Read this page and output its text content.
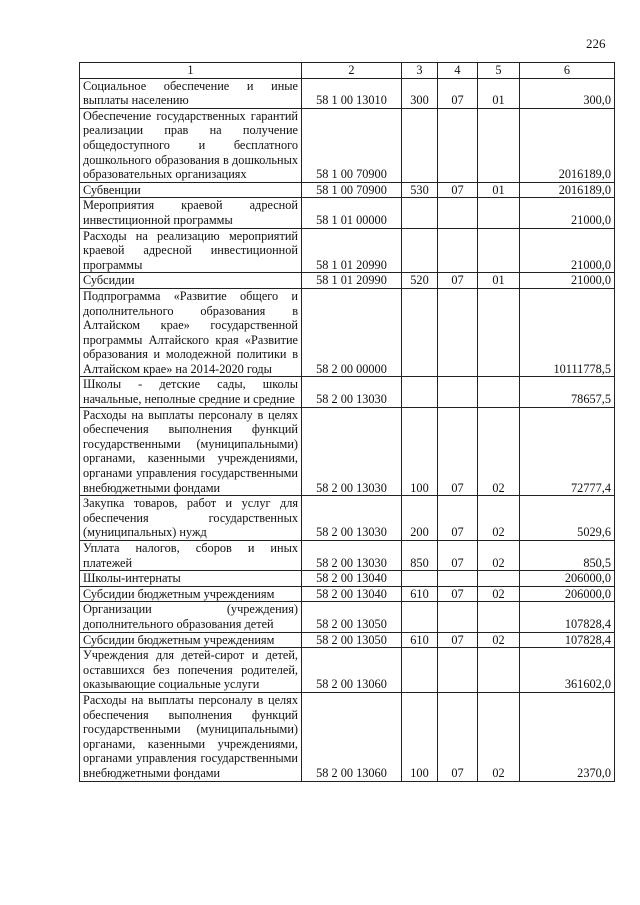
226
1	2	3	4	5	6
Социальное обеспечение и иные выплаты населению	58 1 00 13010	300	07	01	300,0
Обеспечение государственных гарантий реализации прав на получение общедоступного и бесплатного дошкольного образования в дошкольных образовательных организациях	58 1 00 70900				2016189,0
Субвенции	58 1 00 70900	530	07	01	2016189,0
Мероприятия краевой адресной инвестиционной программы	58 1 01 00000				21000,0
Расходы на реализацию мероприятий краевой адресной инвестиционной программы	58 1 01 20990				21000,0
Субсидии	58 1 01 20990	520	07	01	21000,0
Подпрограмма «Развитие общего и дополнительного образования в Алтайском крае» государственной программы Алтайского края «Развитие образования и молодежной политики в Алтайском крае» на 2014-2020 годы	58 2 00 00000				10111778,5
Школы - детские сады, школы начальные, неполные средние и средние	58 2 00 13030				78657,5
Расходы на выплаты персоналу в целях обеспечения выполнения функций государственными (муниципальными) органами, казенными учреждениями, органами управления государственными внебюджетными фондами	58 2 00 13030	100	07	02	72777,4
Закупка товаров, работ и услуг для обеспечения государственных (муниципальных) нужд	58 2 00 13030	200	07	02	5029,6
Уплата налогов, сборов и иных платежей	58 2 00 13030	850	07	02	850,5
Школы-интернаты	58 2 00 13040				206000,0
Субсидии бюджетным учреждениям	58 2 00 13040	610	07	02	206000,0
Организации (учреждения) дополнительного образования детей	58 2 00 13050				107828,4
Субсидии бюджетным учреждениям	58 2 00 13050	610	07	02	107828,4
Учреждения для детей-сирот и детей, оставшихся без попечения родителей, оказывающие социальные услуги	58 2 00 13060				361602,0
Расходы на выплаты персоналу в целях обеспечения выполнения функций государственными (муниципальными) органами, казенными учреждениями, органами управления государственными внебюджетными фондами	58 2 00 13060	100	07	02	2370,0
